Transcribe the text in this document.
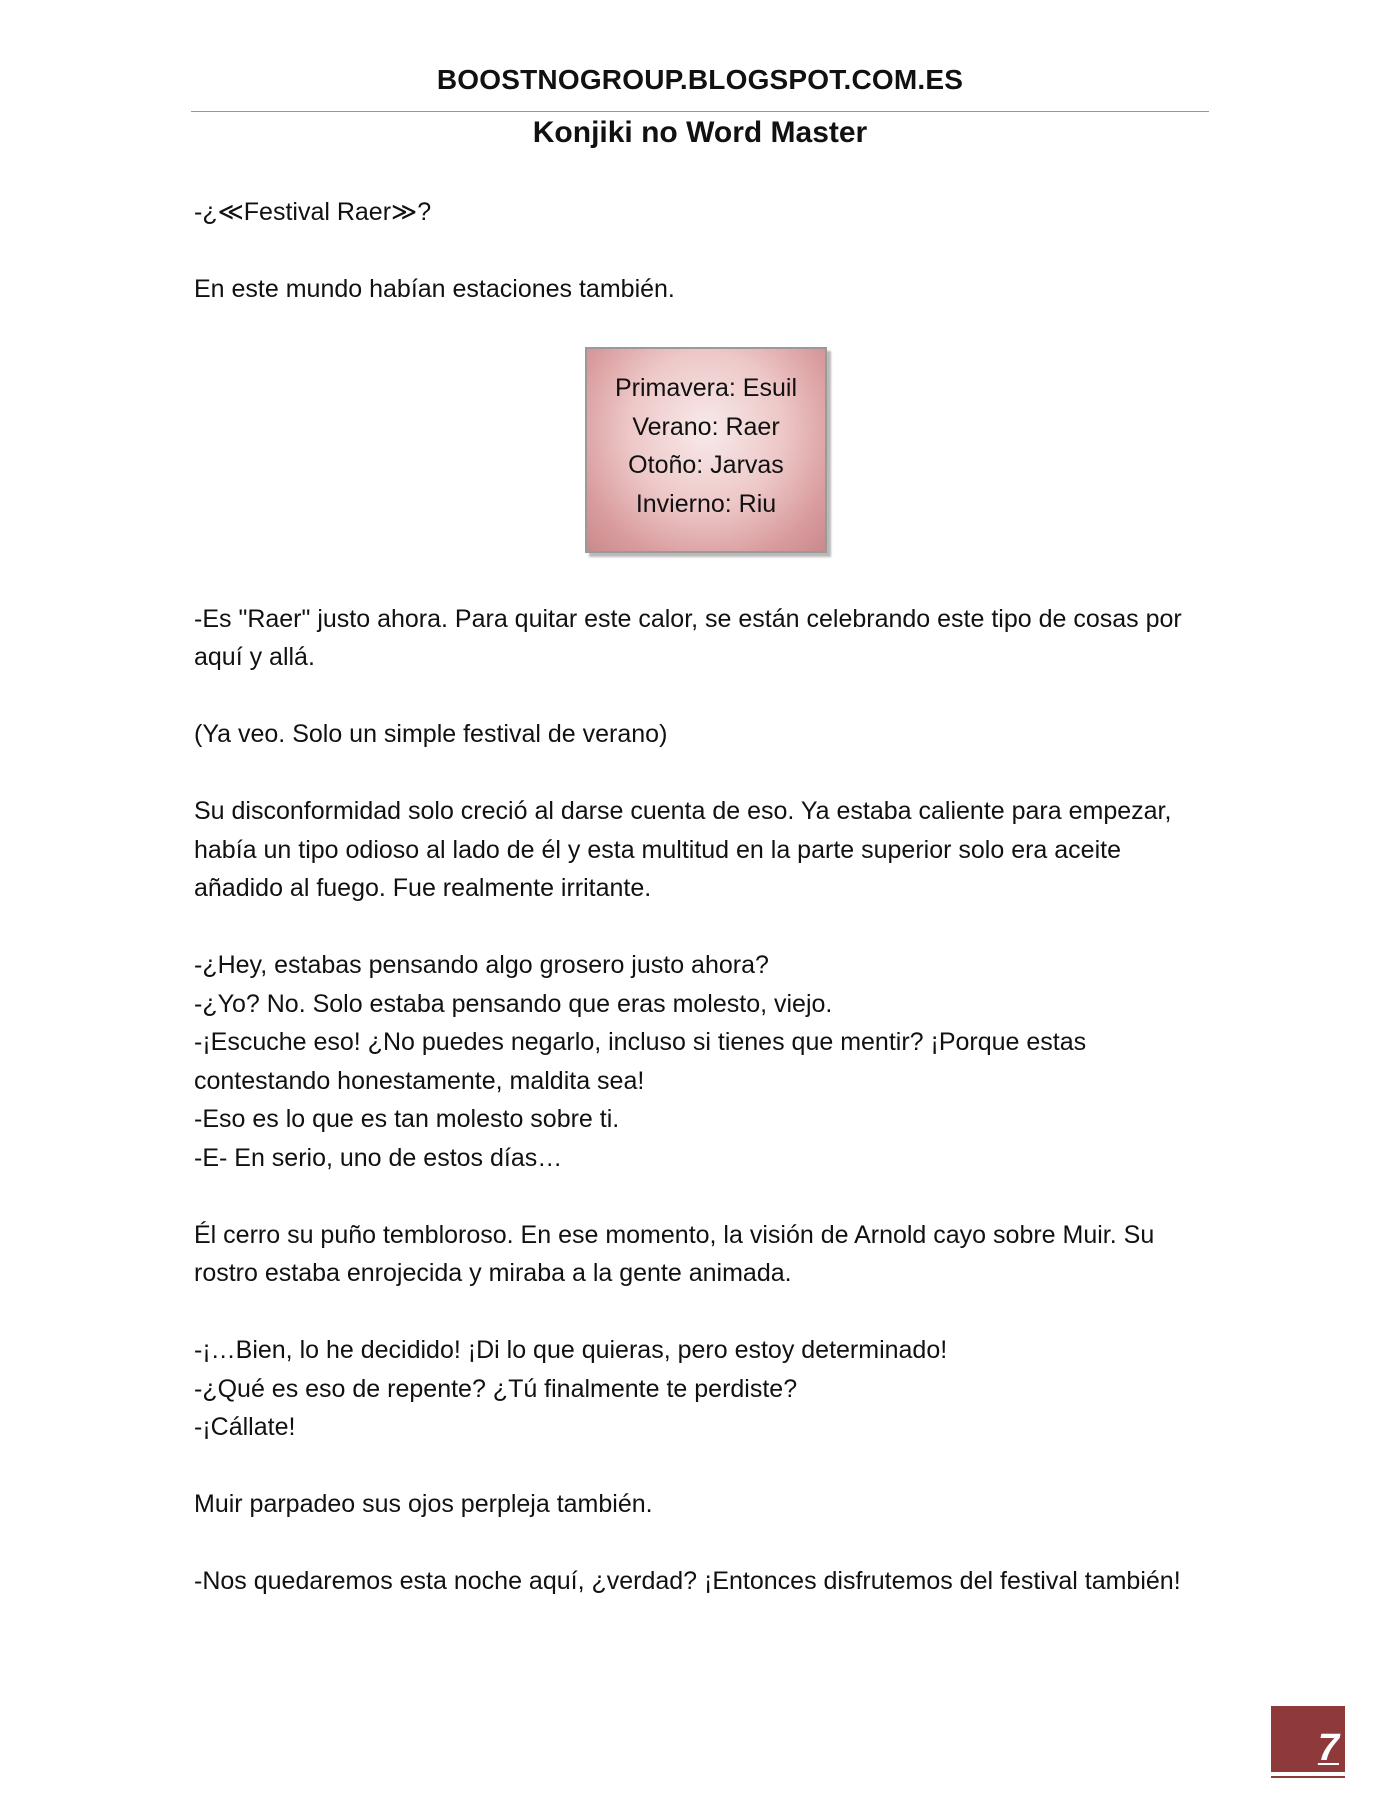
BOOSTNOGROUP.BLOGSPOT.COM.ES
Konjiki no Word Master

-¿≪Festival Raer≫?

En este mundo habían estaciones también.

Primavera: Esuil
Verano: Raer
Otoño: Jarvas
Invierno: Riu

-Es "Raer" justo ahora. Para quitar este calor, se están celebrando este tipo de cosas por
aquí y allá.

(Ya veo. Solo un simple festival de verano)

Su disconformidad solo creció al darse cuenta de eso. Ya estaba caliente para empezar,
había un tipo odioso al lado de él y esta multitud en la parte superior solo era aceite
añadido al fuego. Fue realmente irritante.

-¿Hey, estabas pensando algo grosero justo ahora?
-¿Yo? No. Solo estaba pensando que eras molesto, viejo.
-¡Escuche eso! ¿No puedes negarlo, incluso si tienes que mentir? ¡Porque estas
contestando honestamente, maldita sea!
-Eso es lo que es tan molesto sobre ti.
-E- En serio, uno de estos días…

Él cerro su puño tembloroso. En ese momento, la visión de Arnold cayo sobre Muir. Su
rostro estaba enrojecida y miraba a la gente animada.

-¡…Bien, lo he decidido! ¡Di lo que quieras, pero estoy determinado!
-¿Qué es eso de repente? ¿Tú finalmente te perdiste?
-¡Cállate!

Muir parpadeo sus ojos perpleja también.

-Nos quedaremos esta noche aquí, ¿verdad? ¡Entonces disfrutemos del festival también!

7
